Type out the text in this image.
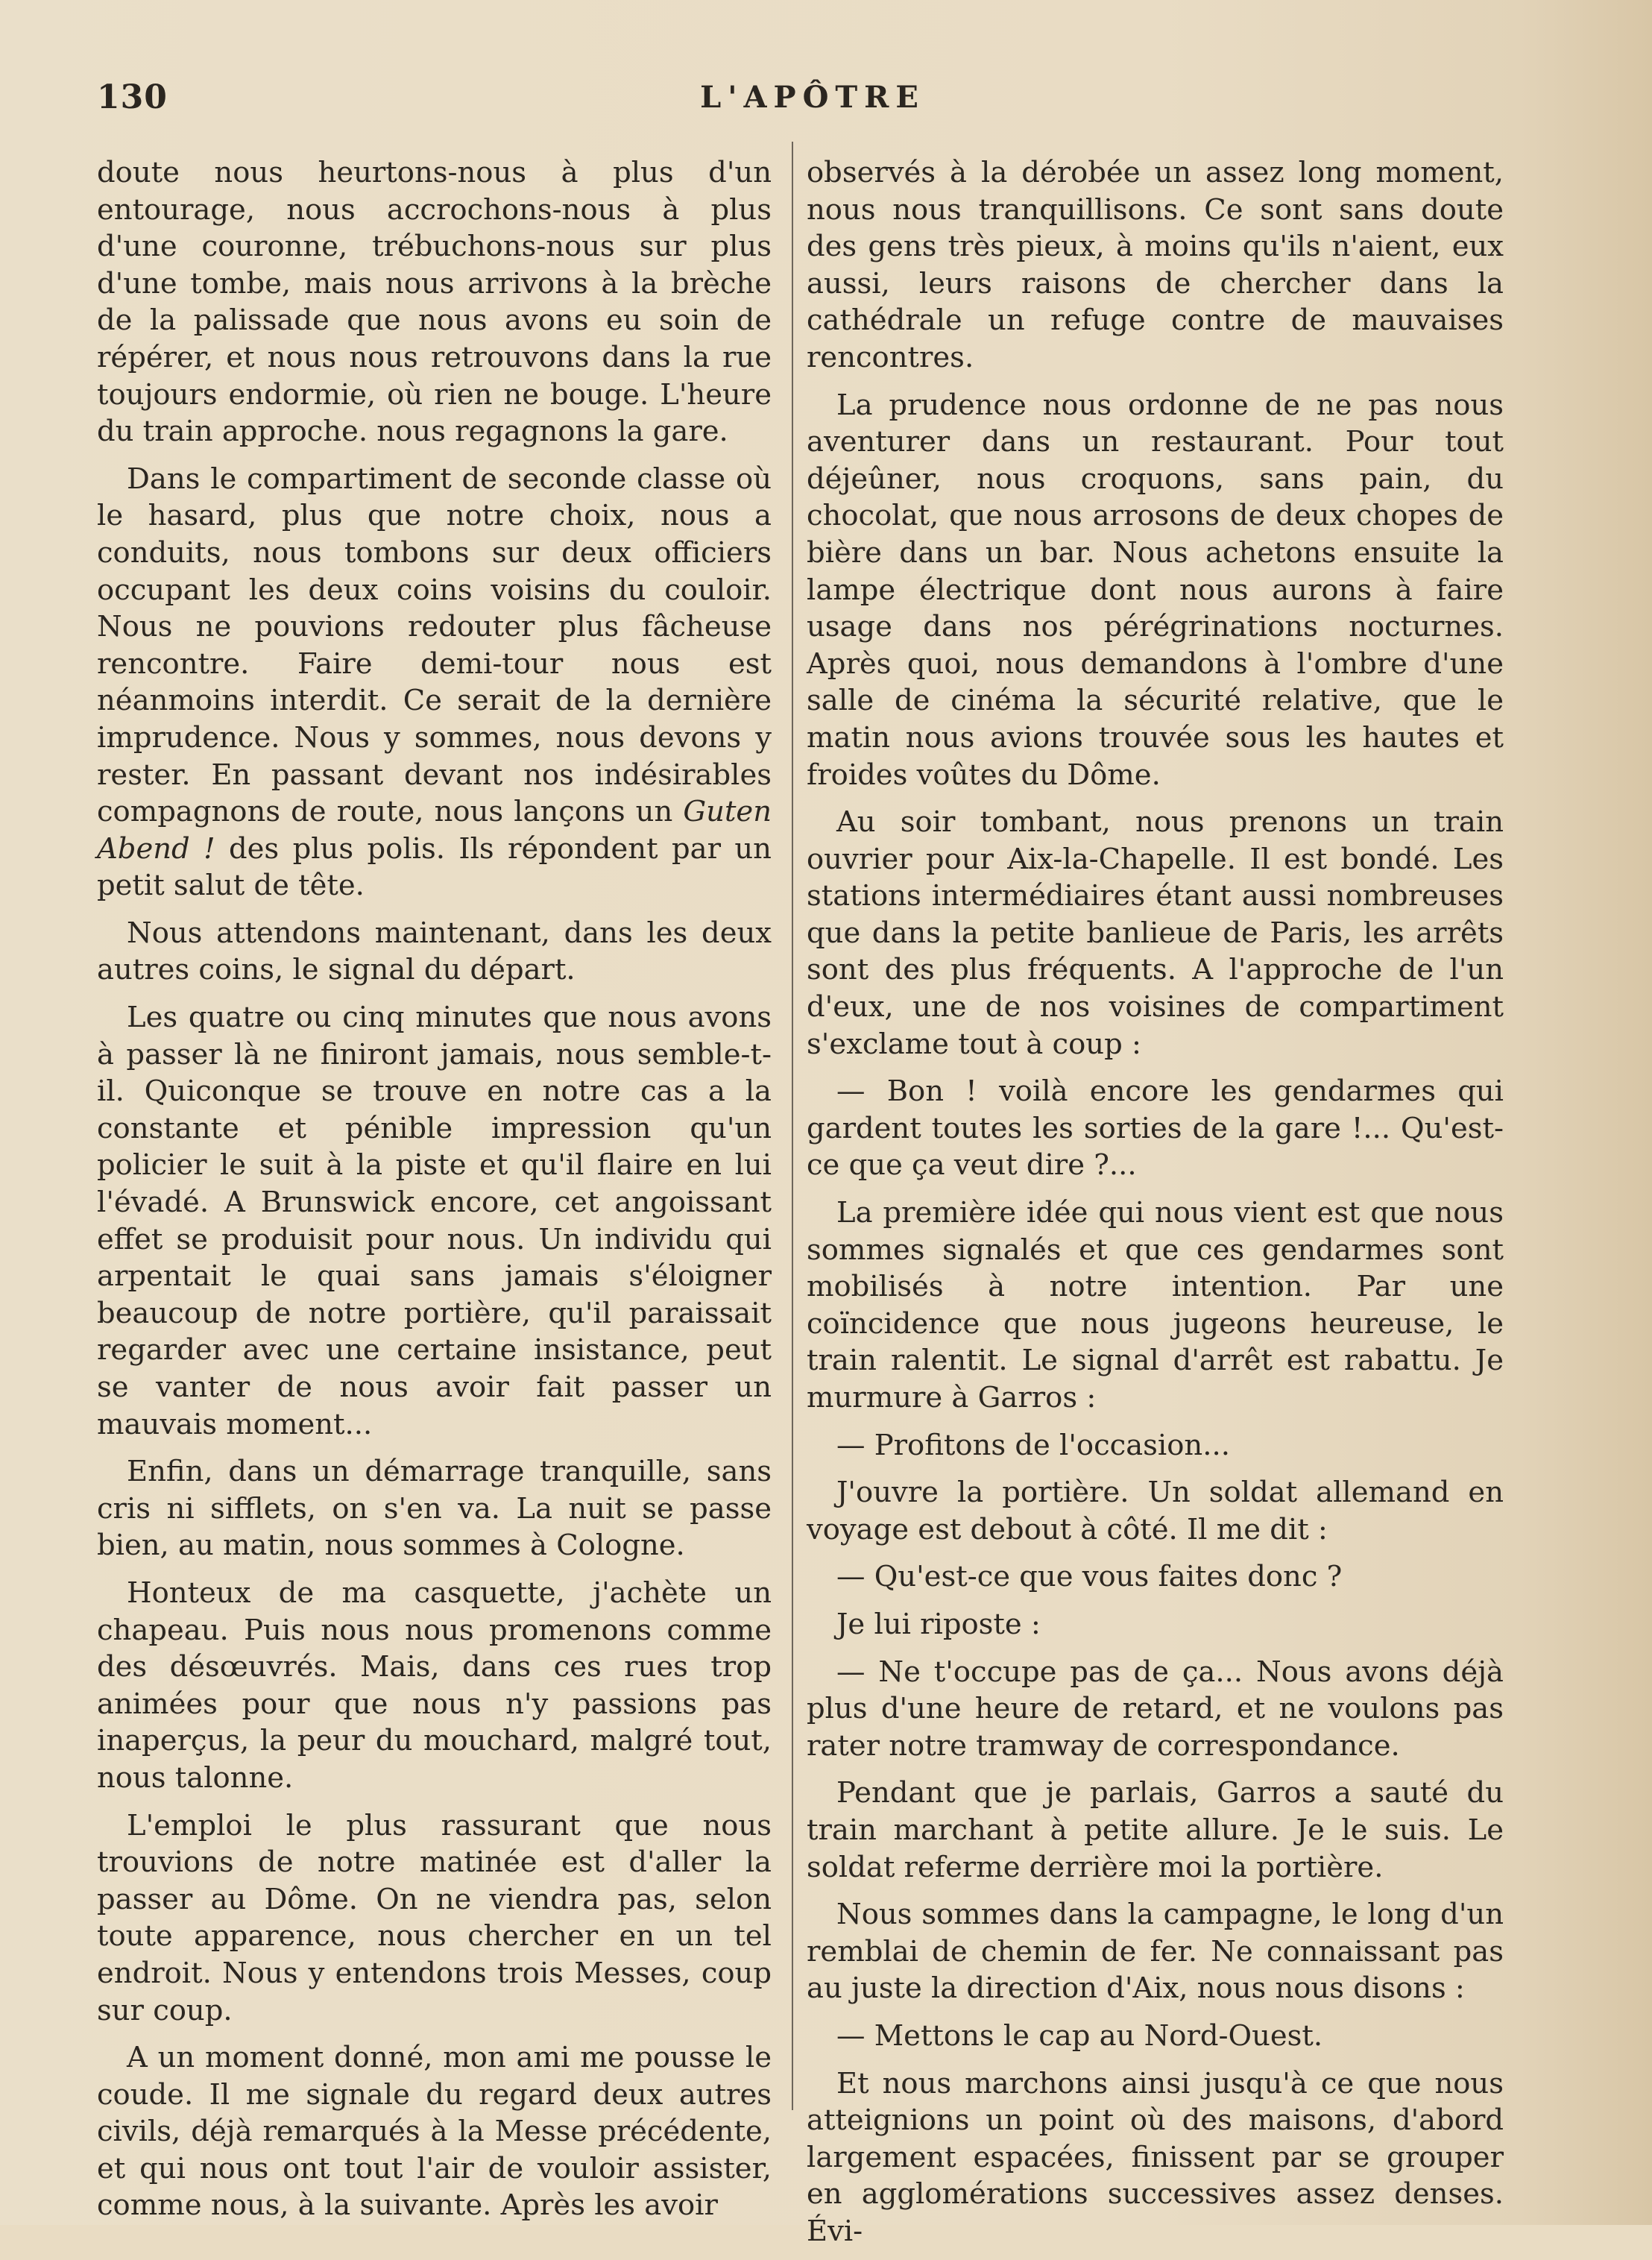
130	L'APÔTRE

doute nous heurtons-nous à plus d'un entourage, nous accrochons-nous à plus d'une couronne, trébuchons-nous sur plus d'une tombe, mais nous arrivons à la brèche de la palissade que nous avons eu soin de répérer, et nous nous retrouvons dans la rue toujours endormie, où rien ne bouge. L'heure du train approche. nous regagnons la gare.

Dans le compartiment de seconde classe où le hasard, plus que notre choix, nous a conduits, nous tombons sur deux officiers occupant les deux coins voisins du couloir. Nous ne pouvions redouter plus fâcheuse rencontre. Faire demi-tour nous est néanmoins interdit. Ce serait de la dernière imprudence. Nous y sommes, nous devons y rester. En passant devant nos indésirables compagnons de route, nous lançons un Guten Abend ! des plus polis. Ils répondent par un petit salut de tête.

Nous attendons maintenant, dans les deux autres coins, le signal du départ.

Les quatre ou cinq minutes que nous avons à passer là ne finiront jamais, nous semble-t-il. Quiconque se trouve en notre cas a la constante et pénible impression qu'un policier le suit à la piste et qu'il flaire en lui l'évadé. A Brunswick encore, cet angoissant effet se produisit pour nous. Un individu qui arpentait le quai sans jamais s'éloigner beaucoup de notre portière, qu'il paraissait regarder avec une certaine insistance, peut se vanter de nous avoir fait passer un mauvais moment...

Enfin, dans un démarrage tranquille, sans cris ni sifflets, on s'en va. La nuit se passe bien, au matin, nous sommes à Cologne.

Honteux de ma casquette, j'achète un chapeau. Puis nous nous promenons comme des désœuvrés. Mais, dans ces rues trop animées pour que nous n'y passions pas inaperçus, la peur du mouchard, malgré tout, nous talonne.

L'emploi le plus rassurant que nous trouvions de notre matinée est d'aller la passer au Dôme. On ne viendra pas, selon toute apparence, nous chercher en un tel endroit. Nous y entendons trois Messes, coup sur coup.

A un moment donné, mon ami me pousse le coude. Il me signale du regard deux autres civils, déjà remarqués à la Messe précédente, et qui nous ont tout l'air de vouloir assister, comme nous, à la suivante. Après les avoir

observés à la dérobée un assez long moment, nous nous tranquillisons. Ce sont sans doute des gens très pieux, à moins qu'ils n'aient, eux aussi, leurs raisons de chercher dans la cathédrale un refuge contre de mauvaises rencontres.

La prudence nous ordonne de ne pas nous aventurer dans un restaurant. Pour tout déjeûner, nous croquons, sans pain, du chocolat, que nous arrosons de deux chopes de bière dans un bar. Nous achetons ensuite la lampe électrique dont nous aurons à faire usage dans nos pérégrinations nocturnes. Après quoi, nous demandons à l'ombre d'une salle de cinéma la sécurité relative, que le matin nous avions trouvée sous les hautes et froides voûtes du Dôme.

Au soir tombant, nous prenons un train ouvrier pour Aix-la-Chapelle. Il est bondé. Les stations intermédiaires étant aussi nombreuses que dans la petite banlieue de Paris, les arrêts sont des plus fréquents. A l'approche de l'un d'eux, une de nos voisines de compartiment s'exclame tout à coup :

— Bon ! voilà encore les gendarmes qui gardent toutes les sorties de la gare !... Qu'est-ce que ça veut dire ?...

La première idée qui nous vient est que nous sommes signalés et que ces gendarmes sont mobilisés à notre intention. Par une coïncidence que nous jugeons heureuse, le train ralentit. Le signal d'arrêt est rabattu. Je murmure à Garros :

— Profitons de l'occasion...

J'ouvre la portière. Un soldat allemand en voyage est debout à côté. Il me dit :

— Qu'est-ce que vous faites donc ?

Je lui riposte :

— Ne t'occupe pas de ça... Nous avons déjà plus d'une heure de retard, et ne voulons pas rater notre tramway de correspondance.

Pendant que je parlais, Garros a sauté du train marchant à petite allure. Je le suis. Le soldat referme derrière moi la portière.

Nous sommes dans la campagne, le long d'un remblai de chemin de fer. Ne connaissant pas au juste la direction d'Aix, nous nous disons :

— Mettons le cap au Nord-Ouest.

Et nous marchons ainsi jusqu'à ce que nous atteignions un point où des maisons, d'abord largement espacées, finissent par se grouper en agglomérations successives assez denses. Évi-
